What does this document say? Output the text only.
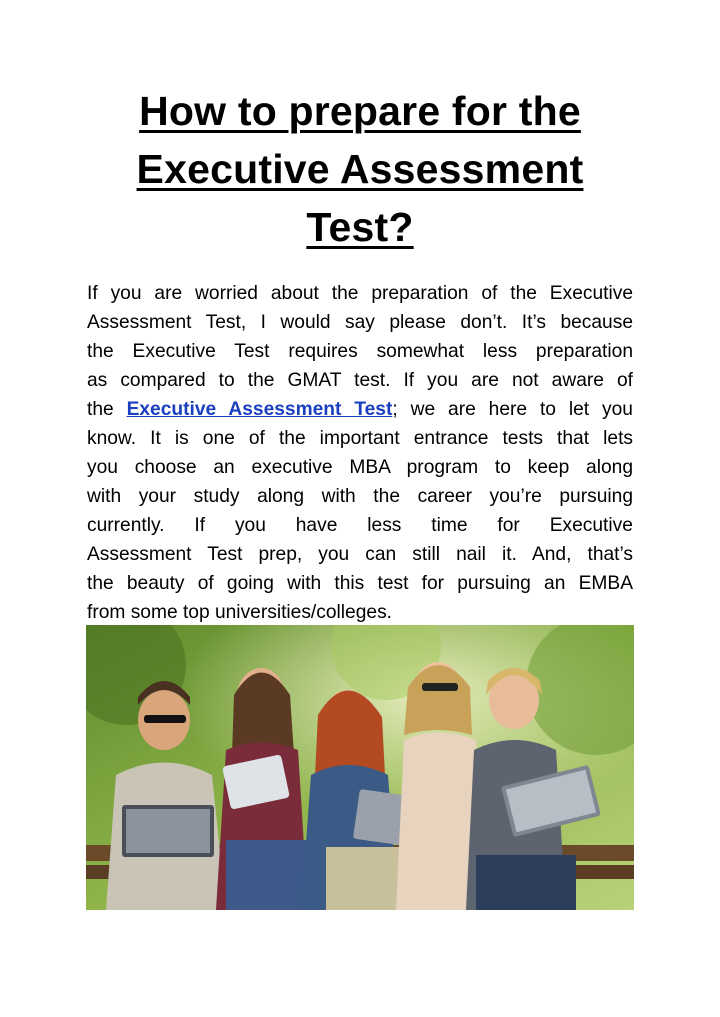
How to prepare for the
Executive Assessment
Test?
If you are worried about the preparation of the Executive
Assessment Test, I would say please don’t. It’s because
the Executive Test requires somewhat less preparation
as compared to the GMAT test. If you are not aware of
the Executive Assessment Test; we are here to let you
know. It is one of the important entrance tests that lets
you choose an executive MBA program to keep along
with your study along with the career you’re pursuing
currently. If you have less time for Executive
Assessment Test prep, you can still nail it. And, that’s
the beauty of going with this test for pursuing an EMBA
from some top universities/colleges.
